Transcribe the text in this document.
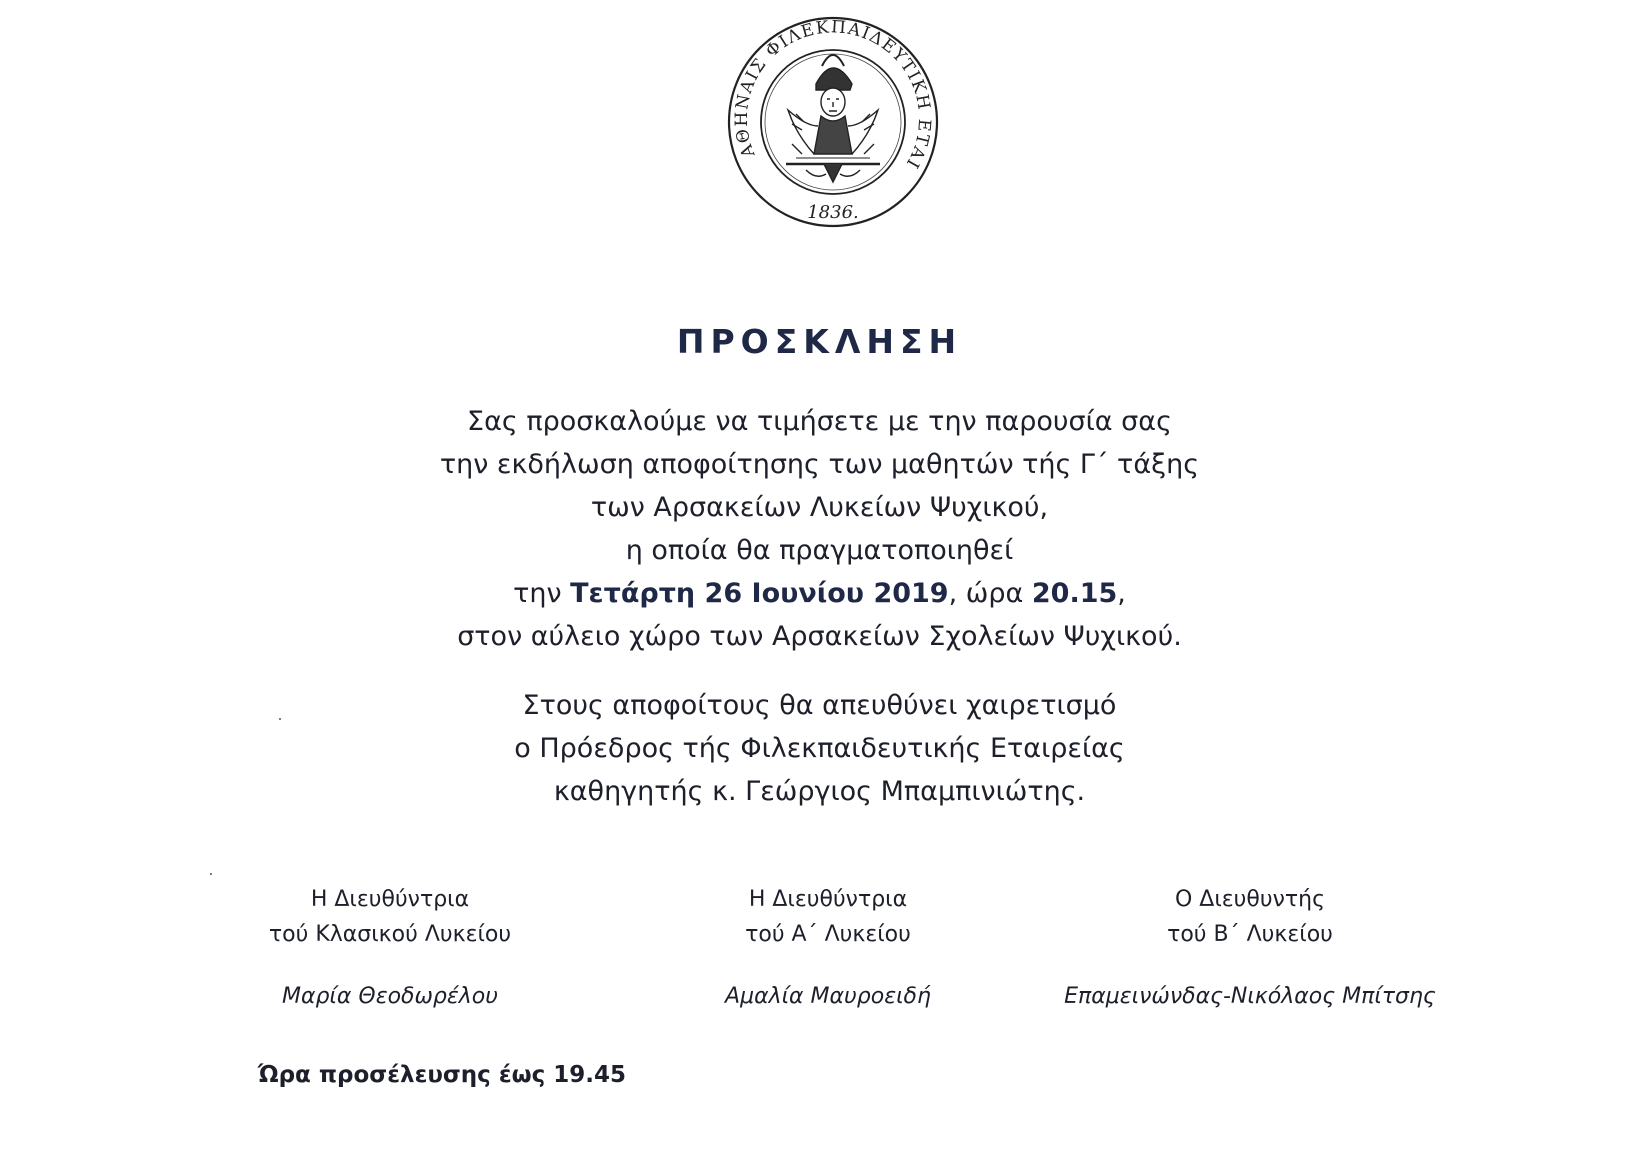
ΑΘΗΝΑΙΣ ΦΙΛΕΚΠΑΙΔΕΥΤΙΚΗ ΕΤΑΙ
1836.
ΠΡΟΣΚΛΗΣΗ
Σας προσκαλούμε να τιμήσετε με την παρουσία σας
την εκδήλωση αποφοίτησης των μαθητών τής Γ΄ τάξης
των Αρσακείων Λυκείων Ψυχικού,
η οποία θα πραγματοποιηθεί
την Τετάρτη 26 Ιουνίου 2019, ώρα 20.15,
στον αύλειο χώρο των Αρσακείων Σχολείων Ψυχικού.
Στους αποφοίτους θα απευθύνει χαιρετισμό
ο Πρόεδρος τής Φιλεκπαιδευτικής Εταιρείας
καθηγητής κ. Γεώργιος Μπαμπινιώτης.
Η Διευθύντρια
τού Κλασικού Λυκείου
Μαρία Θεοδωρέλου
Η Διευθύντρια
τού Α΄ Λυκείου
Αμαλία Μαυροειδή
Ο Διευθυντής
τού Β΄ Λυκείου
Επαμεινώνδας-Νικόλαος Μπίτσης
Ώρα προσέλευσης έως 19.45
